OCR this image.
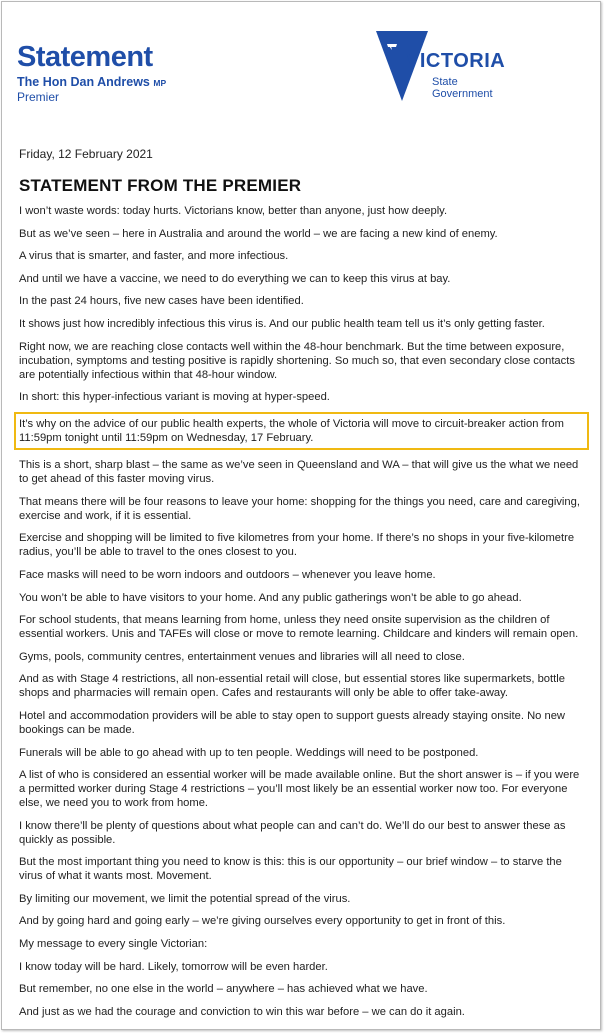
Statement
The Hon Dan Andrews MP
Premier
VICTORIA
State
Government
Friday, 12 February 2021
STATEMENT FROM THE PREMIER

I won’t waste words: today hurts. Victorians know, better than anyone, just how deeply.

But as we’ve seen – here in Australia and around the world – we are facing a new kind of enemy.

A virus that is smarter, and faster, and more infectious.

And until we have a vaccine, we need to do everything we can to keep this virus at bay.

In the past 24 hours, five new cases have been identified.

It shows just how incredibly infectious this virus is. And our public health team tell us it’s only getting faster.

Right now, we are reaching close contacts well within the 48-hour benchmark. But the time between exposure, incubation, symptoms and testing positive is rapidly shortening. So much so, that even secondary close contacts are potentially infectious within that 48-hour window.

In short: this hyper-infectious variant is moving at hyper-speed.

It’s why on the advice of our public health experts, the whole of Victoria will move to circuit-breaker action from 11:59pm tonight until 11:59pm on Wednesday, 17 February.

This is a short, sharp blast – the same as we’ve seen in Queensland and WA – that will give us the what we need to get ahead of this faster moving virus.

That means there will be four reasons to leave your home: shopping for the things you need, care and caregiving, exercise and work, if it is essential.

Exercise and shopping will be limited to five kilometres from your home. If there’s no shops in your five-kilometre radius, you’ll be able to travel to the ones closest to you.

Face masks will need to be worn indoors and outdoors – whenever you leave home.

You won’t be able to have visitors to your home. And any public gatherings won’t be able to go ahead.

For school students, that means learning from home, unless they need onsite supervision as the children of essential workers. Unis and TAFEs will close or move to remote learning. Childcare and kinders will remain open.

Gyms, pools, community centres, entertainment venues and libraries will all need to close.

And as with Stage 4 restrictions, all non-essential retail will close, but essential stores like supermarkets, bottle shops and pharmacies will remain open. Cafes and restaurants will only be able to offer take-away.

Hotel and accommodation providers will be able to stay open to support guests already staying onsite. No new bookings can be made.

Funerals will be able to go ahead with up to ten people. Weddings will need to be postponed.

A list of who is considered an essential worker will be made available online. But the short answer is – if you were a permitted worker during Stage 4 restrictions – you’ll most likely be an essential worker now too. For everyone else, we need you to work from home.

I know there’ll be plenty of questions about what people can and can’t do. We’ll do our best to answer these as quickly as possible.

But the most important thing you need to know is this: this is our opportunity – our brief window – to starve the virus of what it wants most. Movement.

By limiting our movement, we limit the potential spread of the virus.

And by going hard and going early – we’re giving ourselves every opportunity to get in front of this.

My message to every single Victorian:

I know today will be hard. Likely, tomorrow will be even harder.

But remember, no one else in the world – anywhere – has achieved what we have.

And just as we had the courage and conviction to win this war before – we can do it again.
